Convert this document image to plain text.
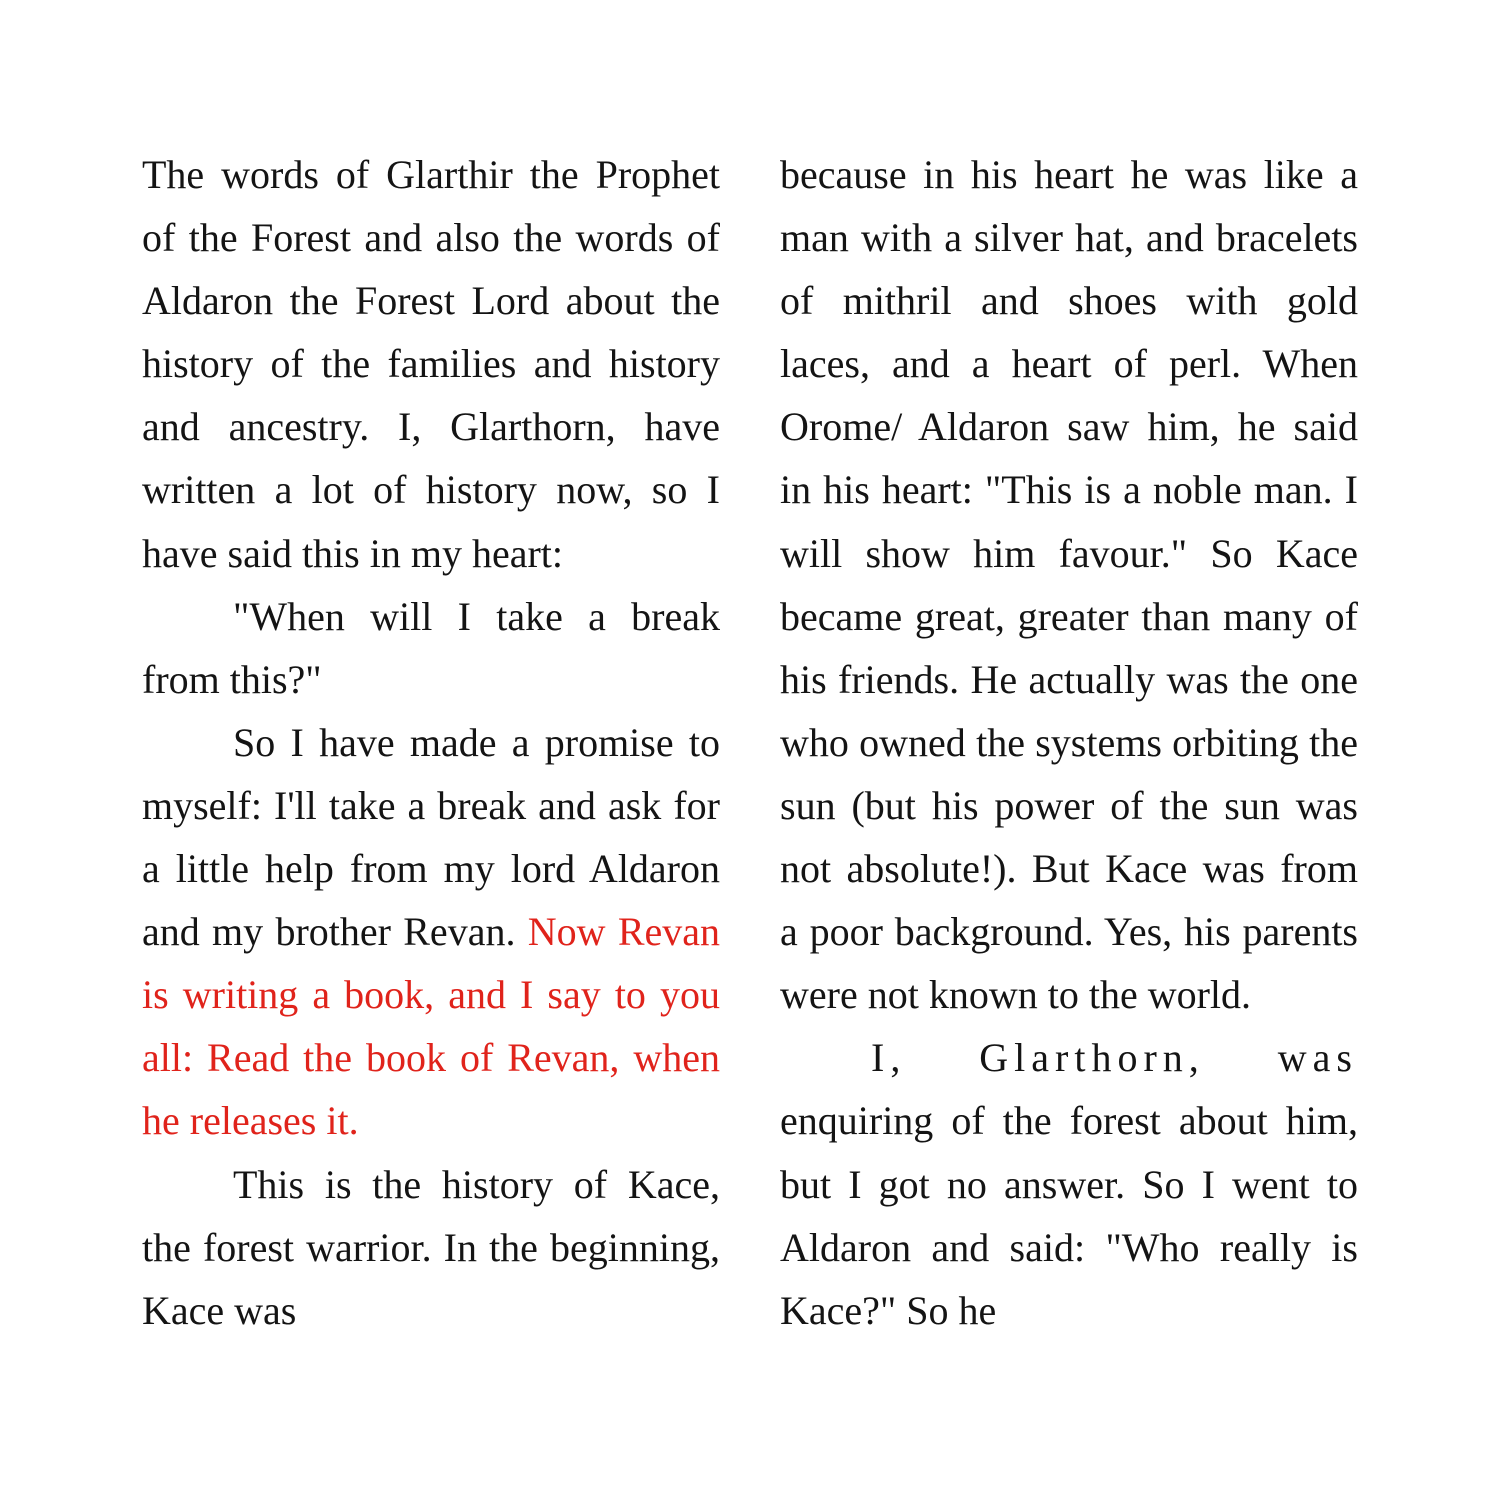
The words of Glarthir the Prophet of the Forest and also the words of Aldaron the Forest Lord about the history of the families and history and ancestry. I, Glarthorn, have written a lot of history now, so I have said this in my heart:

"When will I take a break from this?"

So I have made a promise to myself: I'll take a break and ask for a little help from my lord Aldaron and my brother Revan. Now Revan is writing a book, and I say to you all: Read the book of Revan, when he releases it.

This is the history of Kace, the forest warrior. In the beginning, Kace was

because in his heart he was like a man with a silver hat, and bracelets of mithril and shoes with gold laces, and a heart of perl. When Orome/ Aldaron saw him, he said in his heart: "This is a noble man. I will show him favour." So Kace became great, greater than many of his friends. He actually was the one who owned the systems orbiting the sun (but his power of the sun was not absolute!). But Kace was from a poor background. Yes, his parents were not known to the world.

I, Glarthorn, was enquiring of the forest about him, but I got no answer. So I went to Aldaron and said: "Who really is Kace?" So he
